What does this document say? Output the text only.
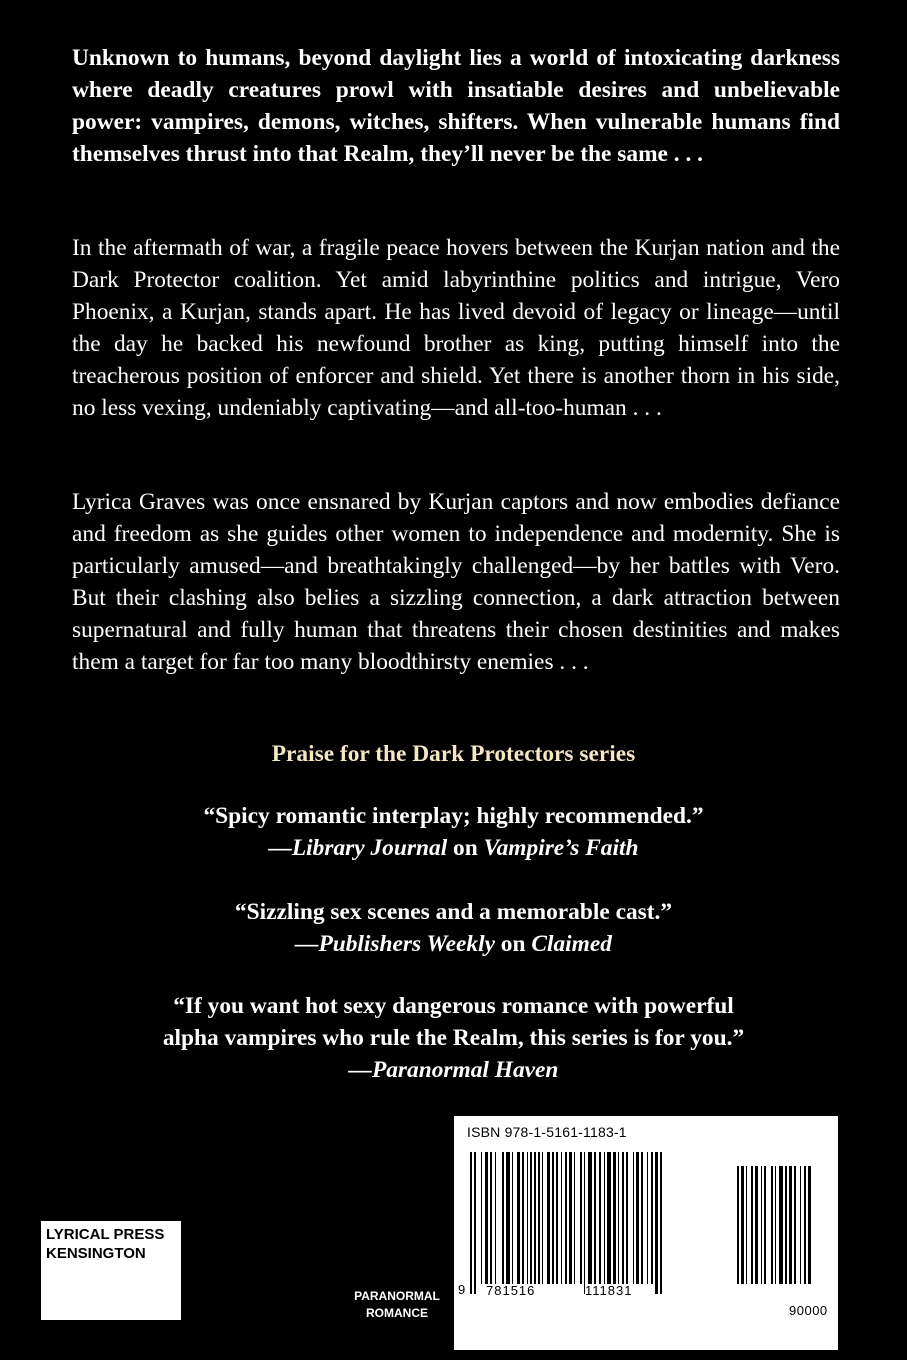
Unknown to humans, beyond daylight lies a world of intoxicating darkness where deadly creatures prowl with insatiable desires and unbelievable power: vampires, demons, witches, shifters. When vulnerable humans find themselves thrust into that Realm, they’ll never be the same . . .

In the aftermath of war, a fragile peace hovers between the Kurjan nation and the Dark Protector coalition. Yet amid labyrinthine politics and intrigue, Vero Phoenix, a Kurjan, stands apart. He has lived devoid of legacy or lineage—until the day he backed his newfound brother as king, putting himself into the treacherous position of enforcer and shield. Yet there is another thorn in his side, no less vexing, undeniably captivating—and all-too-human . . .

Lyrica Graves was once ensnared by Kurjan captors and now embodies defiance and freedom as she guides other women to independence and modernity. She is particularly amused—and breathtakingly challenged—by her battles with Vero. But their clashing also belies a sizzling connection, a dark attraction between supernatural and fully human that threatens their chosen destinities and makes them a target for far too many bloodthirsty enemies . . .

Praise for the Dark Protectors series
“Spicy romantic interplay; highly recommended.”
—Library Journal on Vampire’s Faith
“Sizzling sex scenes and a memorable cast.”
—Publishers Weekly on Claimed
“If you want hot sexy dangerous romance with powerful
alpha vampires who rule the Realm, this series is for you.”
—Paranormal Haven
LYRICAL PRESS
KENSINGTON
PARANORMAL
ROMANCE
ISBN 978-1-5161-1183-1
9 781516	111831
90000
